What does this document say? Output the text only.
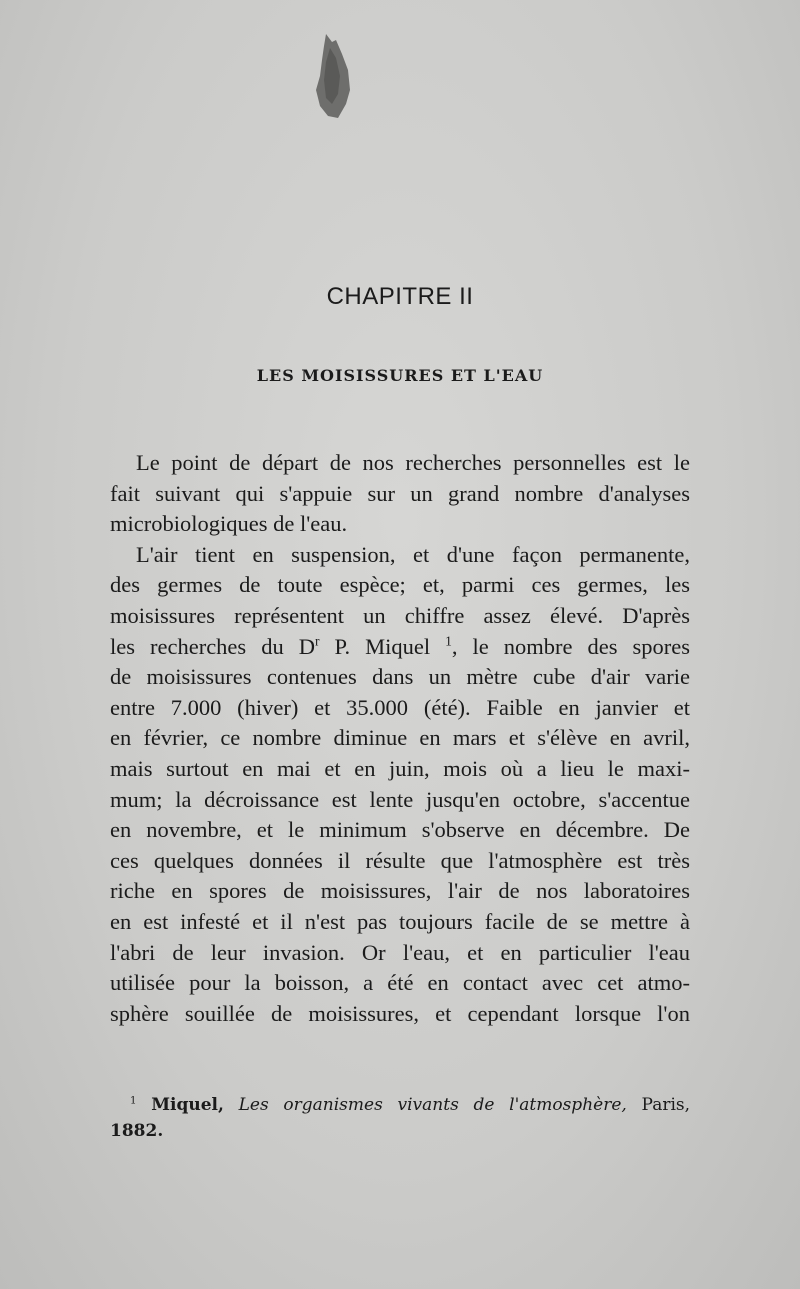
CHAPITRE II
LES MOISISSURES ET L'EAU
Le point de départ de nos recherches personnelles est le
fait suivant qui s'appuie sur un grand nombre d'analyses
microbiologiques de l'eau.
L'air tient en suspension, et d'une façon permanente,
des germes de toute espèce; et, parmi ces germes, les
moisissures représentent un chiffre assez élevé. D'après
les recherches du $D^r$ P. Miquel $^1$, le nombre des spores
de moisissures contenues dans un mètre cube d'air varie
entre 7.000 (hiver) et 35.000 (été). Faible en janvier et
en février, ce nombre diminue en mars et s'élève en avril,
mais surtout en mai et en juin, mois où a lieu le maxi-
mum; la décroissance est lente jusqu'en octobre, s'accentue
en novembre, et le minimum s'observe en décembre. De
ces quelques données il résulte que l'atmosphère est très
riche en spores de moisissures, l'air de nos laboratoires
en est infesté et il n'est pas toujours facile de se mettre à
l'abri de leur invasion. Or l'eau, et en particulier l'eau
utilisée pour la boisson, a été en contact avec cet atmo-
sphère souillée de moisissures, et cependant lorsque l'on
$^1$ Miquel, Les organismes vivants de l'atmosphère, Paris,
1882.
